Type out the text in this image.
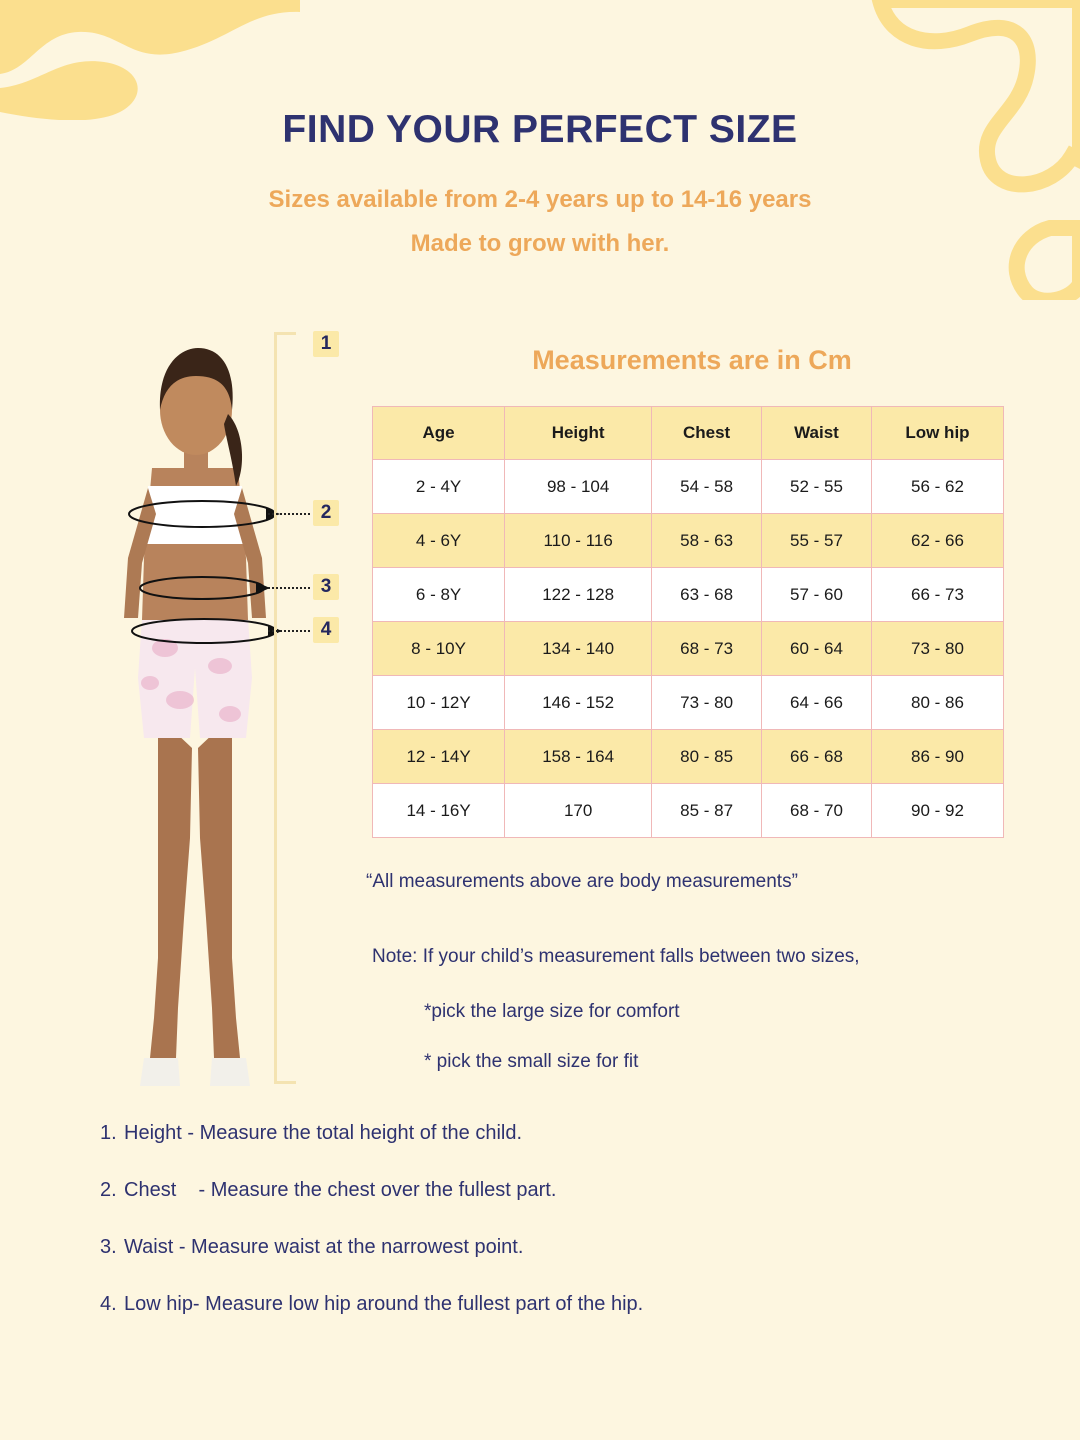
FIND YOUR PERFECT SIZE

Sizes available from 2-4 years up to 14-16 years

Made to grow with her.

1
2
3
4
Measurements are in Cm
Age	Height	Chest	Waist	Low hip
2 - 4Y	98 - 104	54 - 58	52 - 55	56 - 62
4 - 6Y	110 - 116	58 - 63	55 - 57	62 - 66
6 - 8Y	122 - 128	63 - 68	57 - 60	66 - 73
8 - 10Y	134 - 140	68 - 73	60 - 64	73 - 80
10 - 12Y	146 - 152	73 - 80	64 - 66	80 - 86
12 - 14Y	158 - 164	80 - 85	66 - 68	86 - 90
14 - 16Y	170	85 - 87	68 - 70	90 - 92
“All measurements above are body measurements”
Note: If your child’s measurement falls between two sizes,
*pick the large size for comfort
* pick the small size for fit
1. Height - Measure the total height of the child.
2. Chest    - Measure the chest over the fullest part.
3. Waist - Measure waist at the narrowest point.
4. Low hip- Measure low hip around the fullest part of the hip.
